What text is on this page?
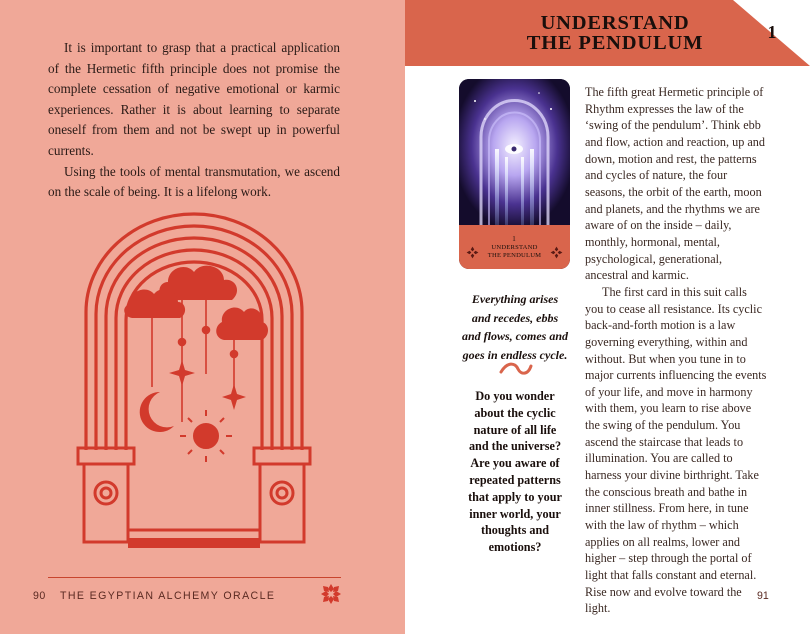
It is important to grasp that a practical application of the Hermetic fifth principle does not promise the complete cessation of negative emotional or karmic experiences. Rather it is about learning to separate oneself from them and not be swept up in powerful currents.

Using the tools of mental transmutation, we ascend on the scale of being. It is a lifelong work.

90 THE EGYPTIAN ALCHEMY ORACLE
UNDERSTAND
THE PENDULUM	1
1
UNDERSTAND
THE PENDULUM
Everything arises
and recedes, ebbs
and flows, comes and
goes in endless cycle.
Do you wonder
about the cyclic
nature of all life
and the universe?
Are you aware of
repeated patterns
that apply to your
inner world, your
thoughts and
emotions?

The fifth great Hermetic principle of Rhythm expresses the law of the ‘swing of the pendulum’. Think ebb and flow, action and reaction, up and down, motion and rest, the patterns and cycles of nature, the four seasons, the orbit of the earth, moon and planets, and the rhythms we are aware of on the inside – daily, monthly, hormonal, mental, psychological, generational, ancestral and karmic.

The first card in this suit calls you to cease all resistance. Its cyclic back-and-forth motion is a law governing everything, within and without. But when you tune in to major currents influencing the events of your life, and move in harmony with them, you learn to rise above the swing of the pendulum. You ascend the staircase that leads to illumination. You are called to harness your divine birthright. Take the conscious breath and bathe in inner stillness. From here, in tune with the law of rhythm – which applies on all realms, lower and higher – step through the portal of light that falls constant and eternal. Rise now and evolve toward the light.

91
